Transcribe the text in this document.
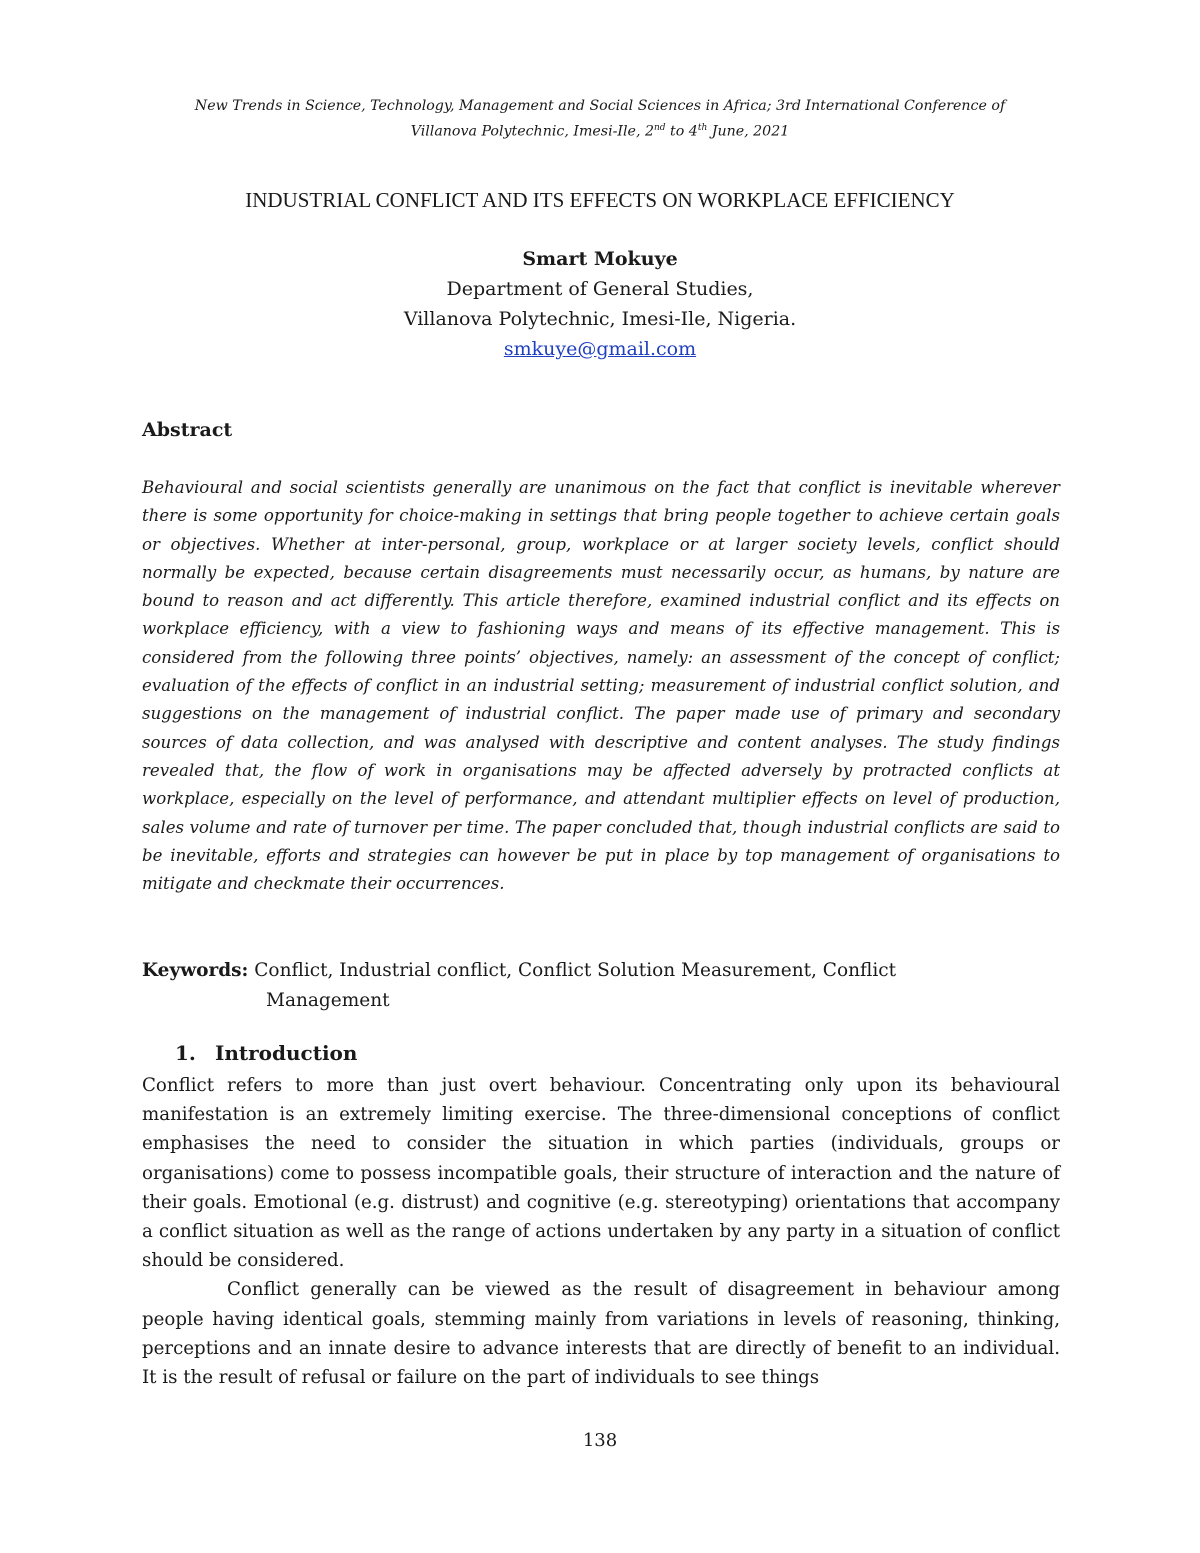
New Trends in Science, Technology, Management and Social Sciences in Africa; 3rd International Conference of
Villanova Polytechnic, Imesi-Ile, 2nd to 4th June, 2021
INDUSTRIAL CONFLICT AND ITS EFFECTS ON WORKPLACE EFFICIENCY
Smart Mokuye
Department of General Studies,
Villanova Polytechnic, Imesi-Ile, Nigeria.
smkuye@gmail.com
Abstract

Behavioural and social scientists generally are unanimous on the fact that conflict is inevitable wherever there is some opportunity for choice-making in settings that bring people together to achieve certain goals or objectives. Whether at inter-personal, group, workplace or at larger society levels, conflict should normally be expected, because certain disagreements must necessarily occur, as humans, by nature are bound to reason and act differently. This article therefore, examined industrial conflict and its effects on workplace efficiency, with a view to fashioning ways and means of its effective management. This is considered from the following three points’ objectives, namely: an assessment of the concept of conflict; evaluation of the effects of conflict in an industrial setting; measurement of industrial conflict solution, and suggestions on the management of industrial conflict. The paper made use of primary and secondary sources of data collection, and was analysed with descriptive and content analyses. The study findings revealed that, the flow of work in organisations may be affected adversely by protracted conflicts at workplace, especially on the level of performance, and attendant multiplier effects on level of production, sales volume and rate of turnover per time. The paper concluded that, though industrial conflicts are said to be inevitable, efforts and strategies can however be put in place by top management of organisations to mitigate and checkmate their occurrences.

Keywords: Conflict, Industrial conflict, Conflict Solution Measurement, Conflict
Management

1. Introduction

Conflict refers to more than just overt behaviour. Concentrating only upon its behavioural manifestation is an extremely limiting exercise. The three-dimensional conceptions of conflict emphasises the need to consider the situation in which parties (individuals, groups or organisations) come to possess incompatible goals, their structure of interaction and the nature of their goals. Emotional (e.g. distrust) and cognitive (e.g. stereotyping) orientations that accompany a conflict situation as well as the range of actions undertaken by any party in a situation of conflict should be considered.

Conflict generally can be viewed as the result of disagreement in behaviour among people having identical goals, stemming mainly from variations in levels of reasoning, thinking, perceptions and an innate desire to advance interests that are directly of benefit to an individual. It is the result of refusal or failure on the part of individuals to see things

138
